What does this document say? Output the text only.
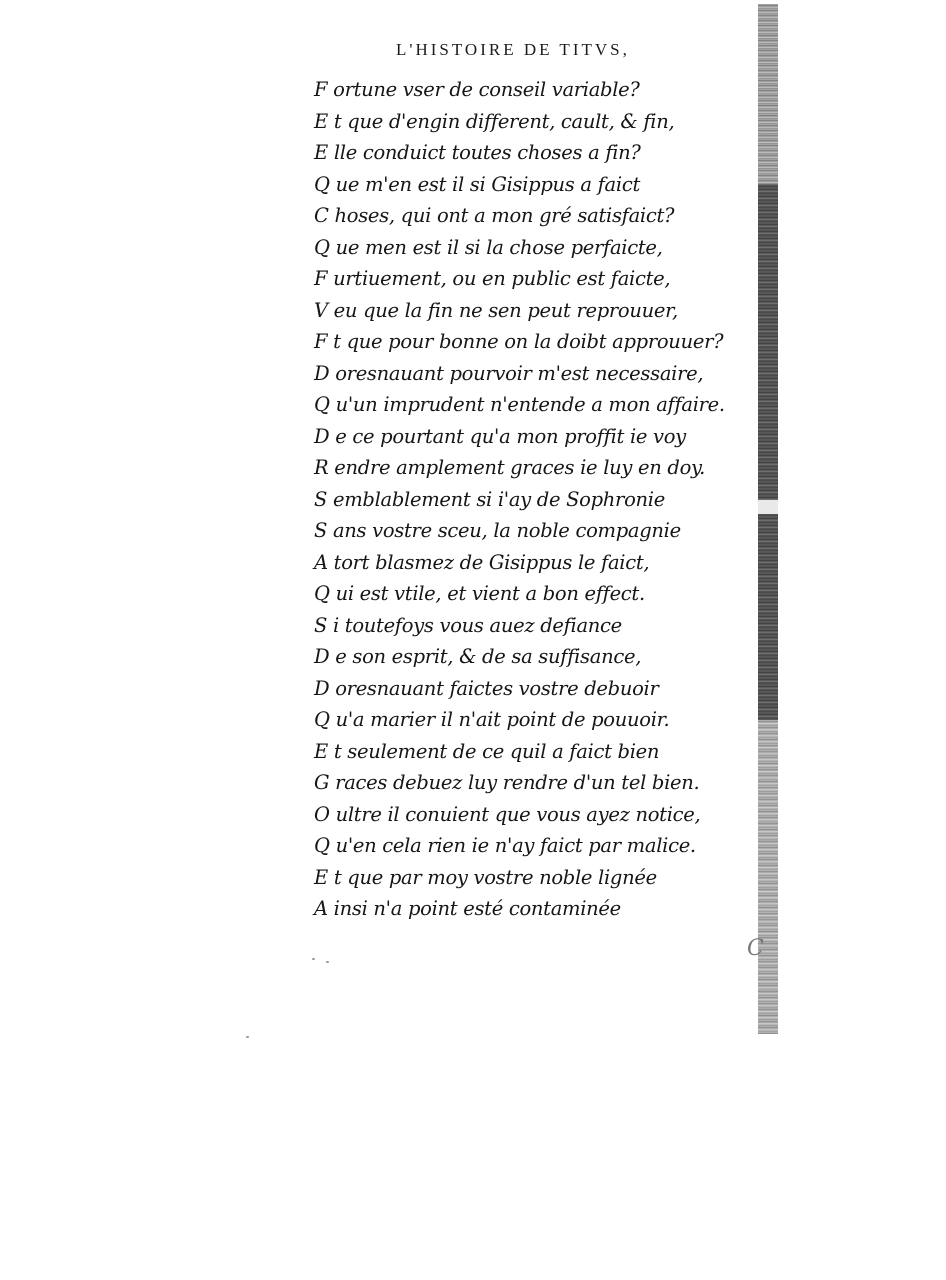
L'HISTOIRE DE TITVS,
F ortune vser de conseil variable?
E t que d'engin different, cault, & fin,
E lle conduict toutes choses a fin?
Q ue m'en est il si Gisippus a faict
C hoses, qui ont a mon gré satisfaict?
Q ue men est il si la chose perfaicte,
F urtiuement, ou en public est faicte,
V eu que la fin ne sen peut reprouuer,
F t que pour bonne on la doibt approuuer?
D oresnauant pourvoir m'est necessaire,
Q u'un imprudent n'entende a mon affaire.
D e ce pourtant qu'a mon proffit ie voy
R endre amplement graces ie luy en doy.
S emblablement si i'ay de Sophronie
S ans vostre sceu, la noble compagnie
A tort blasmez de Gisippus le faict,
Q ui est vtile, et vient a bon effect.
S i toutefoys vous auez defiance
D e son esprit, & de sa suffisance,
D oresnauant faictes vostre debuoir
Q u'a marier il n'ait point de pouuoir.
E t seulement de ce quil a faict bien
G races debuez luy rendre d'un tel bien.
O ultre il conuient que vous ayez notice,
Q u'en cela rien ie n'ay faict par malice.
E t que par moy vostre noble lignée
A insi n'a point esté contaminée
C
